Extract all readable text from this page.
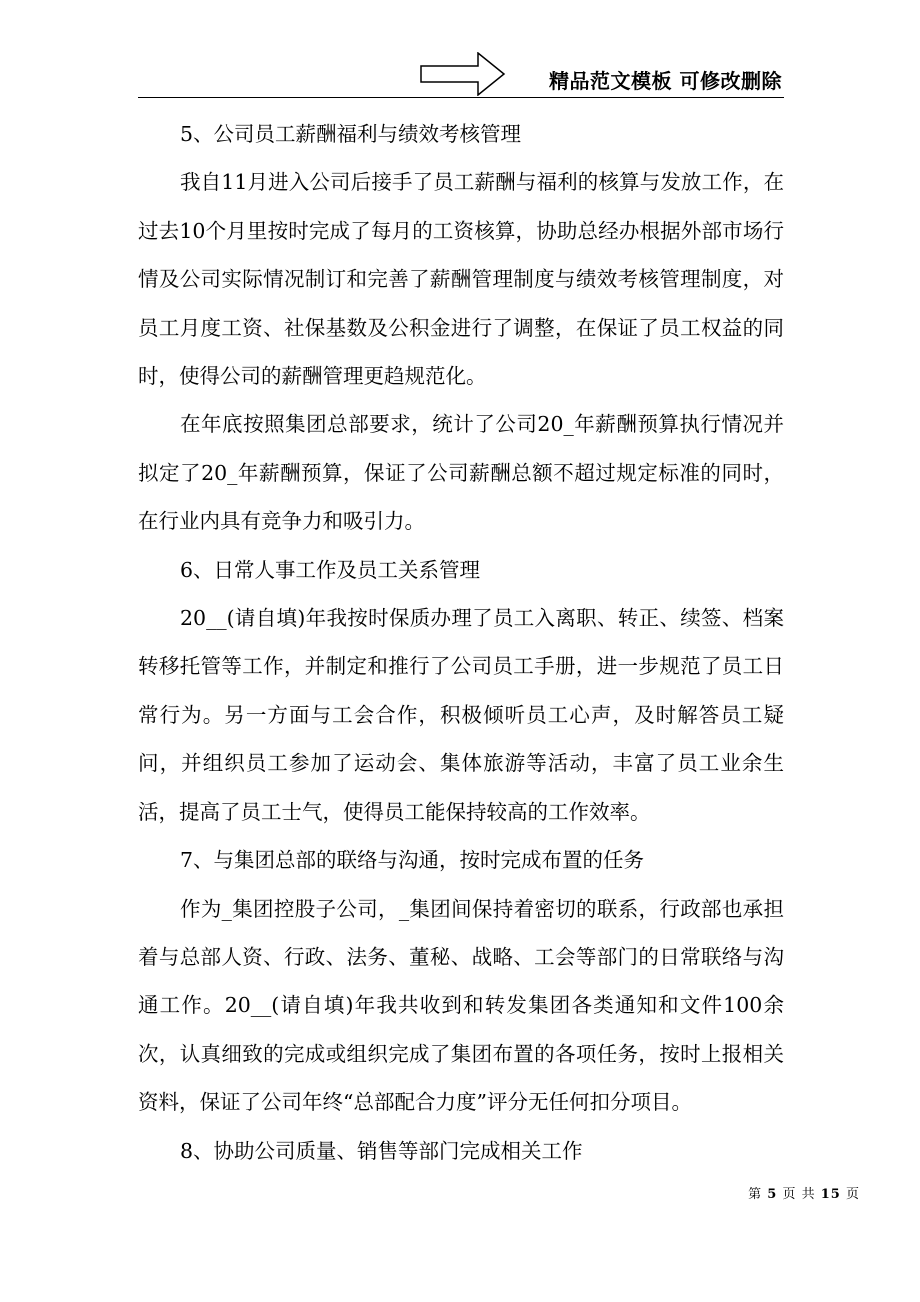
精品范文模板 可修改删除

5、公司员工薪酬福利与绩效考核管理

我自11月进入公司后接手了员工薪酬与福利的核算与发放工作，在过去10个月里按时完成了每月的工资核算，协助总经办根据外部市场行情及公司实际情况制订和完善了薪酬管理制度与绩效考核管理制度，对员工月度工资、社保基数及公积金进行了调整，在保证了员工权益的同时，使得公司的薪酬管理更趋规范化。

在年底按照集团总部要求，统计了公司20_年薪酬预算执行情况并拟定了20_年薪酬预算，保证了公司薪酬总额不超过规定标准的同时，在行业内具有竞争力和吸引力。

6、日常人事工作及员工关系管理

20__(请自填)年我按时保质办理了员工入离职、转正、续签、档案转移托管等工作，并制定和推行了公司员工手册，进一步规范了员工日常行为。另一方面与工会合作，积极倾听员工心声，及时解答员工疑问，并组织员工参加了运动会、集体旅游等活动，丰富了员工业余生活，提高了员工士气，使得员工能保持较高的工作效率。

7、与集团总部的联络与沟通，按时完成布置的任务

作为_集团控股子公司，_集团间保持着密切的联系，行政部也承担着与总部人资、行政、法务、董秘、战略、工会等部门的日常联络与沟通工作。20__(请自填)年我共收到和转发集团各类通知和文件100余次，认真细致的完成或组织完成了集团布置的各项任务，按时上报相关资料，保证了公司年终“总部配合力度”评分无任何扣分项目。

8、协助公司质量、销售等部门完成相关工作

第 5 页 共 15 页
